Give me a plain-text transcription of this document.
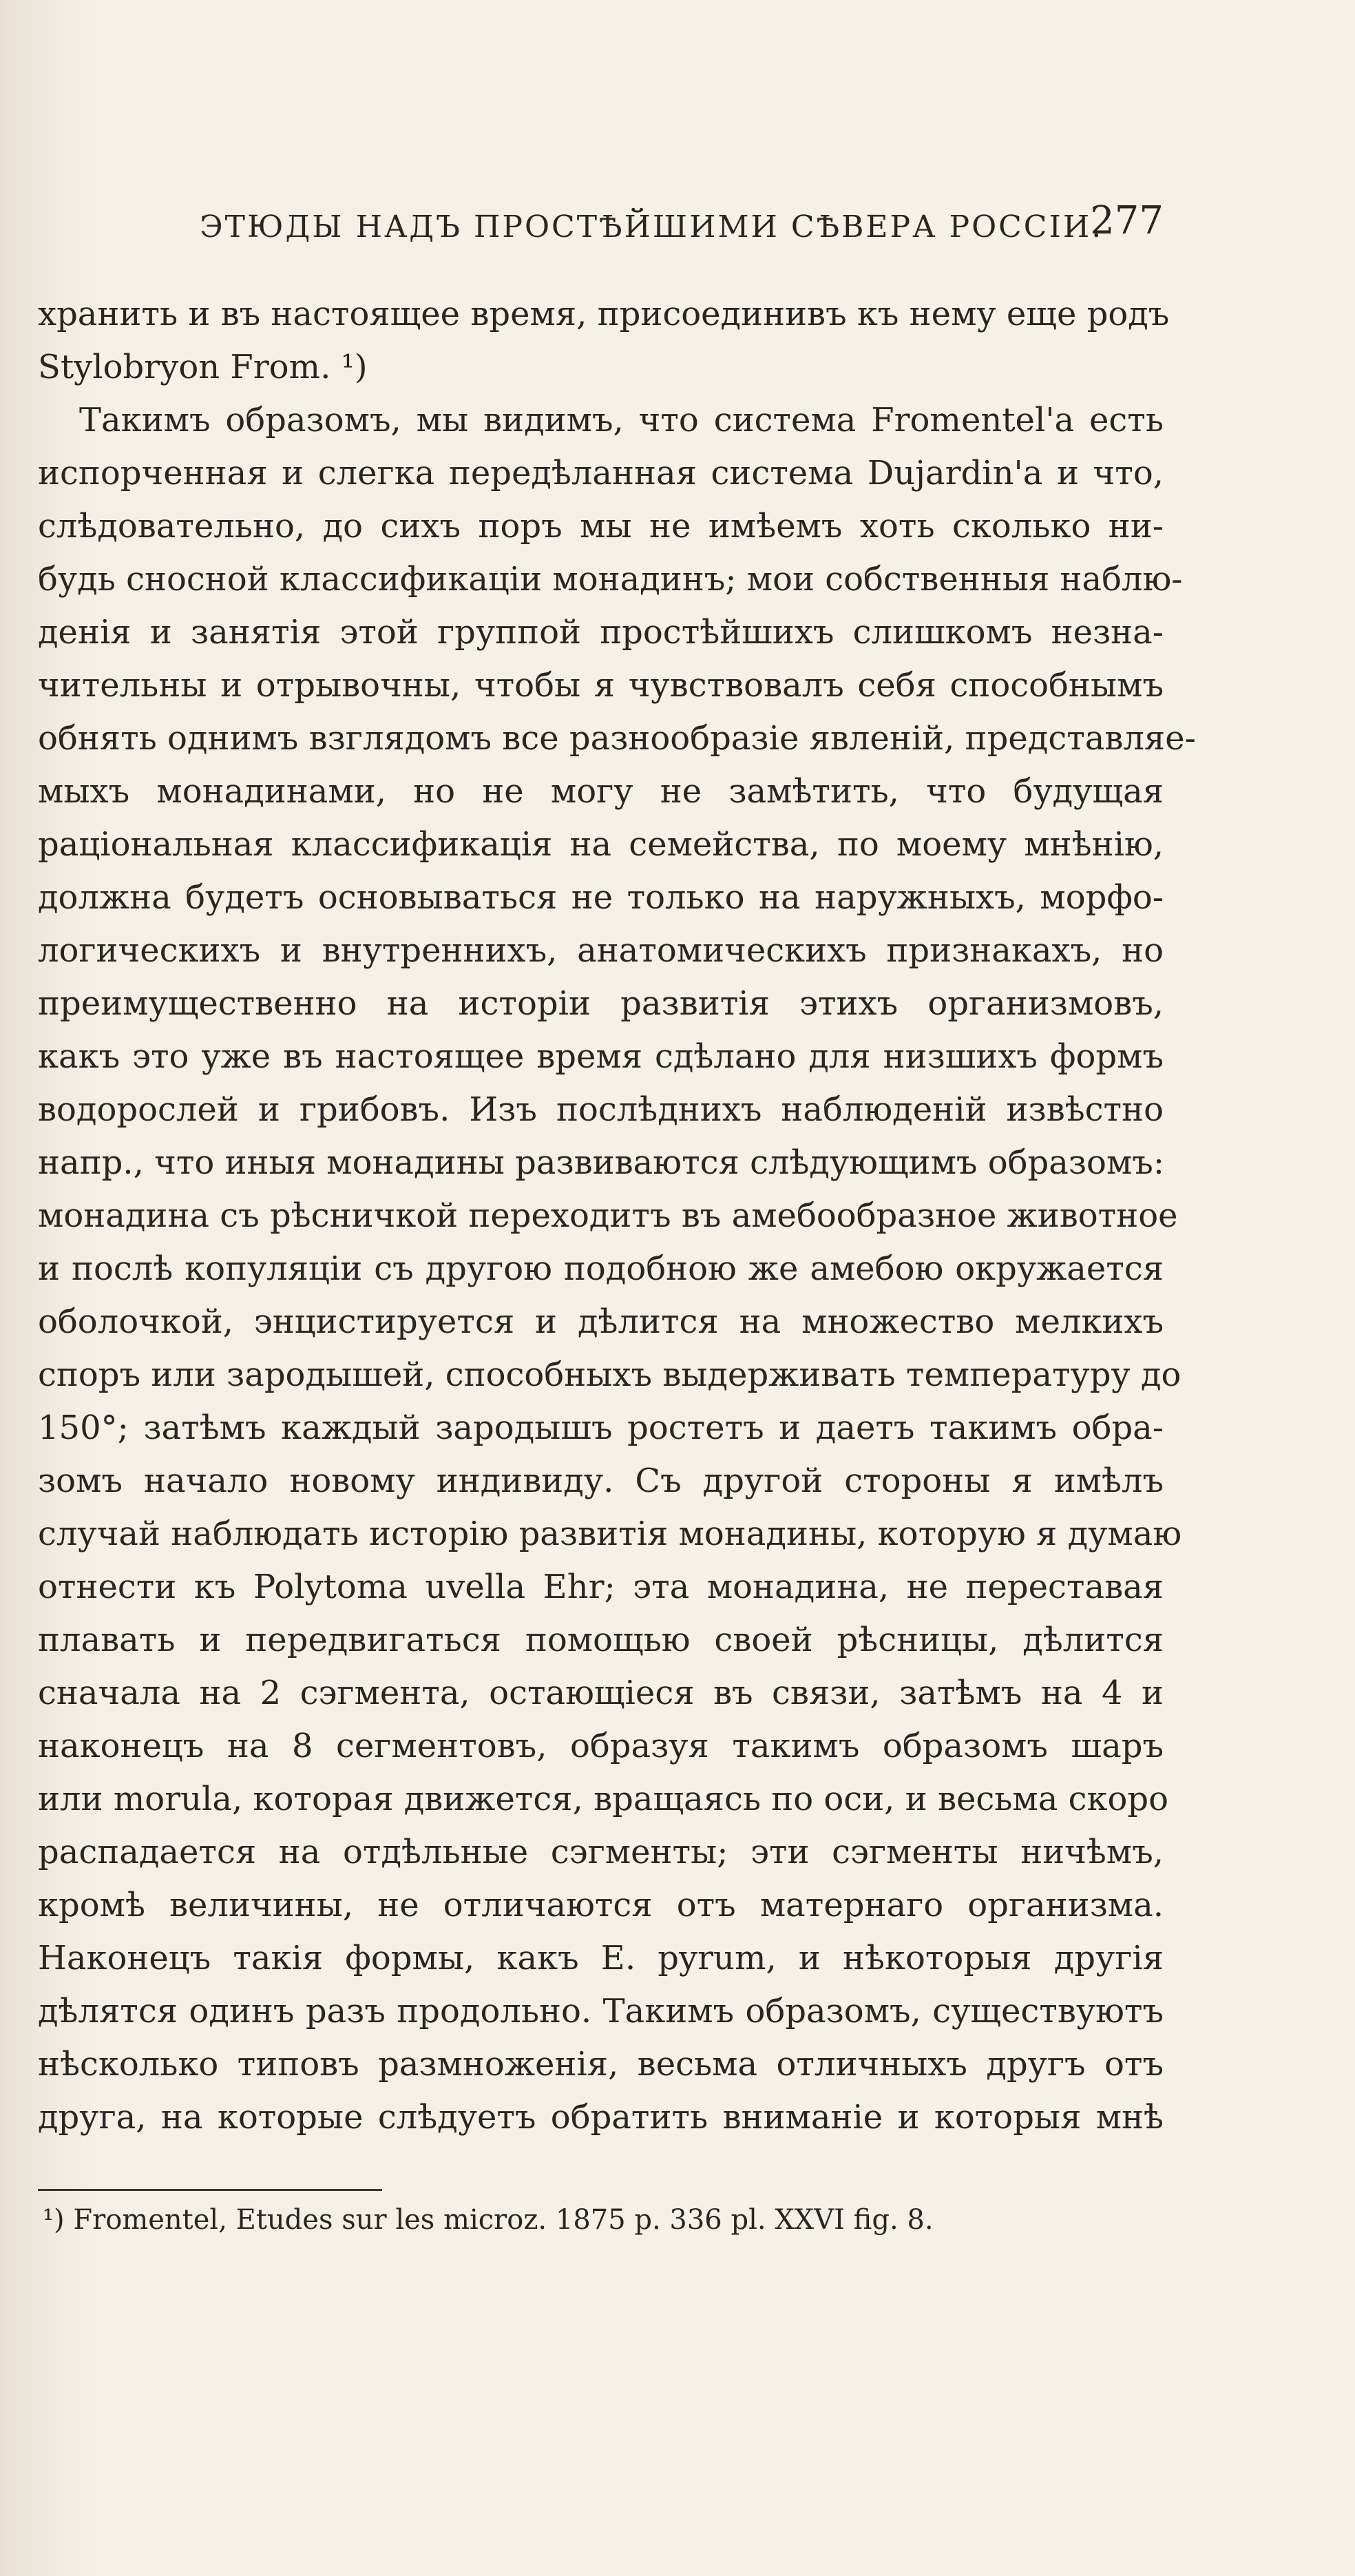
ЭТЮДЫ НАДЪ ПРОСТѢЙШИМИ СѢВЕРА РОССІИ.
277
хранить и въ настоящее время, присоединивъ къ нему еще родъ
Stylobryon From. ¹)
Такимъ образомъ, мы видимъ, что система Fromentel'а есть
испорченная и слегка передѣланная система Dujardin'а и что,
слѣдовательно, до сихъ поръ мы не имѣемъ хоть сколько ни-
будь сносной классификаціи монадинъ; мои собственныя наблю-
денія и занятія этой группой простѣйшихъ слишкомъ незна-
чительны и отрывочны, чтобы я чувствовалъ себя способнымъ
обнять однимъ взглядомъ все разнообразіе явленій, представляе-
мыхъ монадинами, но не могу не замѣтить, что будущая
раціональная классификація на семейства, по моему мнѣнію,
должна будетъ основываться не только на наружныхъ, морфо-
логическихъ и внутреннихъ, анатомическихъ признакахъ, но
преимущественно на исторіи развитія этихъ организмовъ,
какъ это уже въ настоящее время сдѣлано для низшихъ формъ
водорослей и грибовъ. Изъ послѣднихъ наблюденій извѣстно
напр., что иныя монадины развиваются слѣдующимъ образомъ:
монадина съ рѣсничкой переходитъ въ амебообразное животное
и послѣ копуляціи съ другою подобною же амебою окружается
оболочкой, энцистируется и дѣлится на множество мелкихъ
споръ или зародышей, способныхъ выдерживать температуру до
150°; затѣмъ каждый зародышъ ростетъ и даетъ такимъ обра-
зомъ начало новому индивиду. Съ другой стороны я имѣлъ
случай наблюдать исторію развитія монадины, которую я думаю
отнести къ Polytoma uvella Ehr; эта монадина, не переставая
плавать и передвигаться помощью своей рѣсницы, дѣлится
сначала на 2 сэгмента, остающіеся въ связи, затѣмъ на 4 и
наконецъ на 8 сегментовъ, образуя такимъ образомъ шаръ
или morula, которая движется, вращаясь по оси, и весьма скоро
распадается на отдѣльные сэгменты; эти сэгменты ничѣмъ,
кромѣ величины, не отличаются отъ матернаго организма.
Наконецъ такія формы, какъ E. pyrum, и нѣкоторыя другія
дѣлятся одинъ разъ продольно. Такимъ образомъ, существуютъ
нѣсколько типовъ размноженія, весьма отличныхъ другъ отъ
друга, на которые слѣдуетъ обратить вниманіе и которыя мнѣ
¹) Fromentel, Etudes sur les microz. 1875 p. 336 pl. XXVI fig. 8.
